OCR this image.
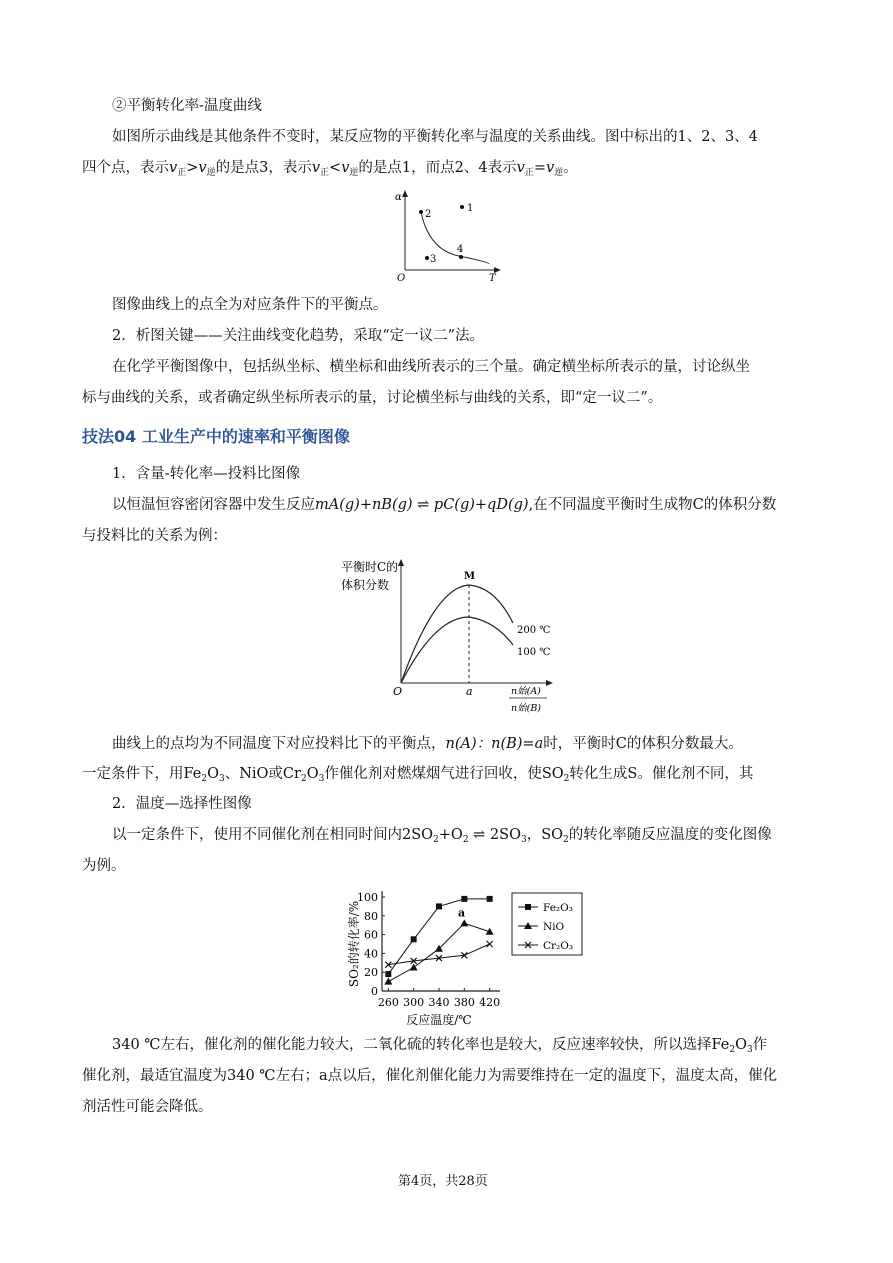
②平衡转化率-温度曲线
如图所示曲线是其他条件不变时，某反应物的平衡转化率与温度的关系曲线。图中标出的1、2、3、4
四个点，表示$v_正>v_逆$的是点3，表示$v_正<v_逆$的是点1，而点2、4表示$v_正=v_逆$。
α
O	T
1
2
3
4
图像曲线上的点全为对应条件下的平衡点。
2．析图关键——关注曲线变化趋势，采取“定一议二”法。
在化学平衡图像中，包括纵坐标、横坐标和曲线所表示的三个量。确定横坐标所表示的量，讨论纵坐
标与曲线的关系，或者确定纵坐标所表示的量，讨论横坐标与曲线的关系，即“定一议二”。
技法04 工业生产中的速率和平衡图像
1．含量-转化率—投料比图像
以恒温恒容密闭容器中发生反应mA(g)+nB(g) ⇌ pC(g)+qD(g),在不同温度平衡时生成物C的体积分数
与投料比的关系为例：
平衡时C的
体积分数
M
200 ℃
100 ℃
O	a	n始(A)
n始(B)
曲线上的点均为不同温度下对应投料比下的平衡点，n(A)：n(B)=a时，平衡时C的体积分数最大。
一定条件下，用$Fe_2O_3$、NiO或$Cr_2O_3$作催化剂对燃煤烟气进行回收，使$SO_2$转化生成S。催化剂不同，其
2．温度—选择性图像
以一定条件下，使用不同催化剂在相同时间内$2SO_2+O_2$ ⇌ $2SO_3$，$SO_2$的转化率随反应温度的变化图像
为例。
0
20
40
60
80
100
260 300 340 380 420
反应温度/℃
SO₂的转化率/%	a	Fe₂O₃
NiO
Cr₂O₃
340 ℃左右，催化剂的催化能力较大，二氧化硫的转化率也是较大，反应速率较快，所以选择$Fe_2O_3$作
催化剂，最适宜温度为340 ℃左右；a点以后，催化剂催化能力为需要维持在一定的温度下，温度太高，催化
剂活性可能会降低。
第4页，共28页
